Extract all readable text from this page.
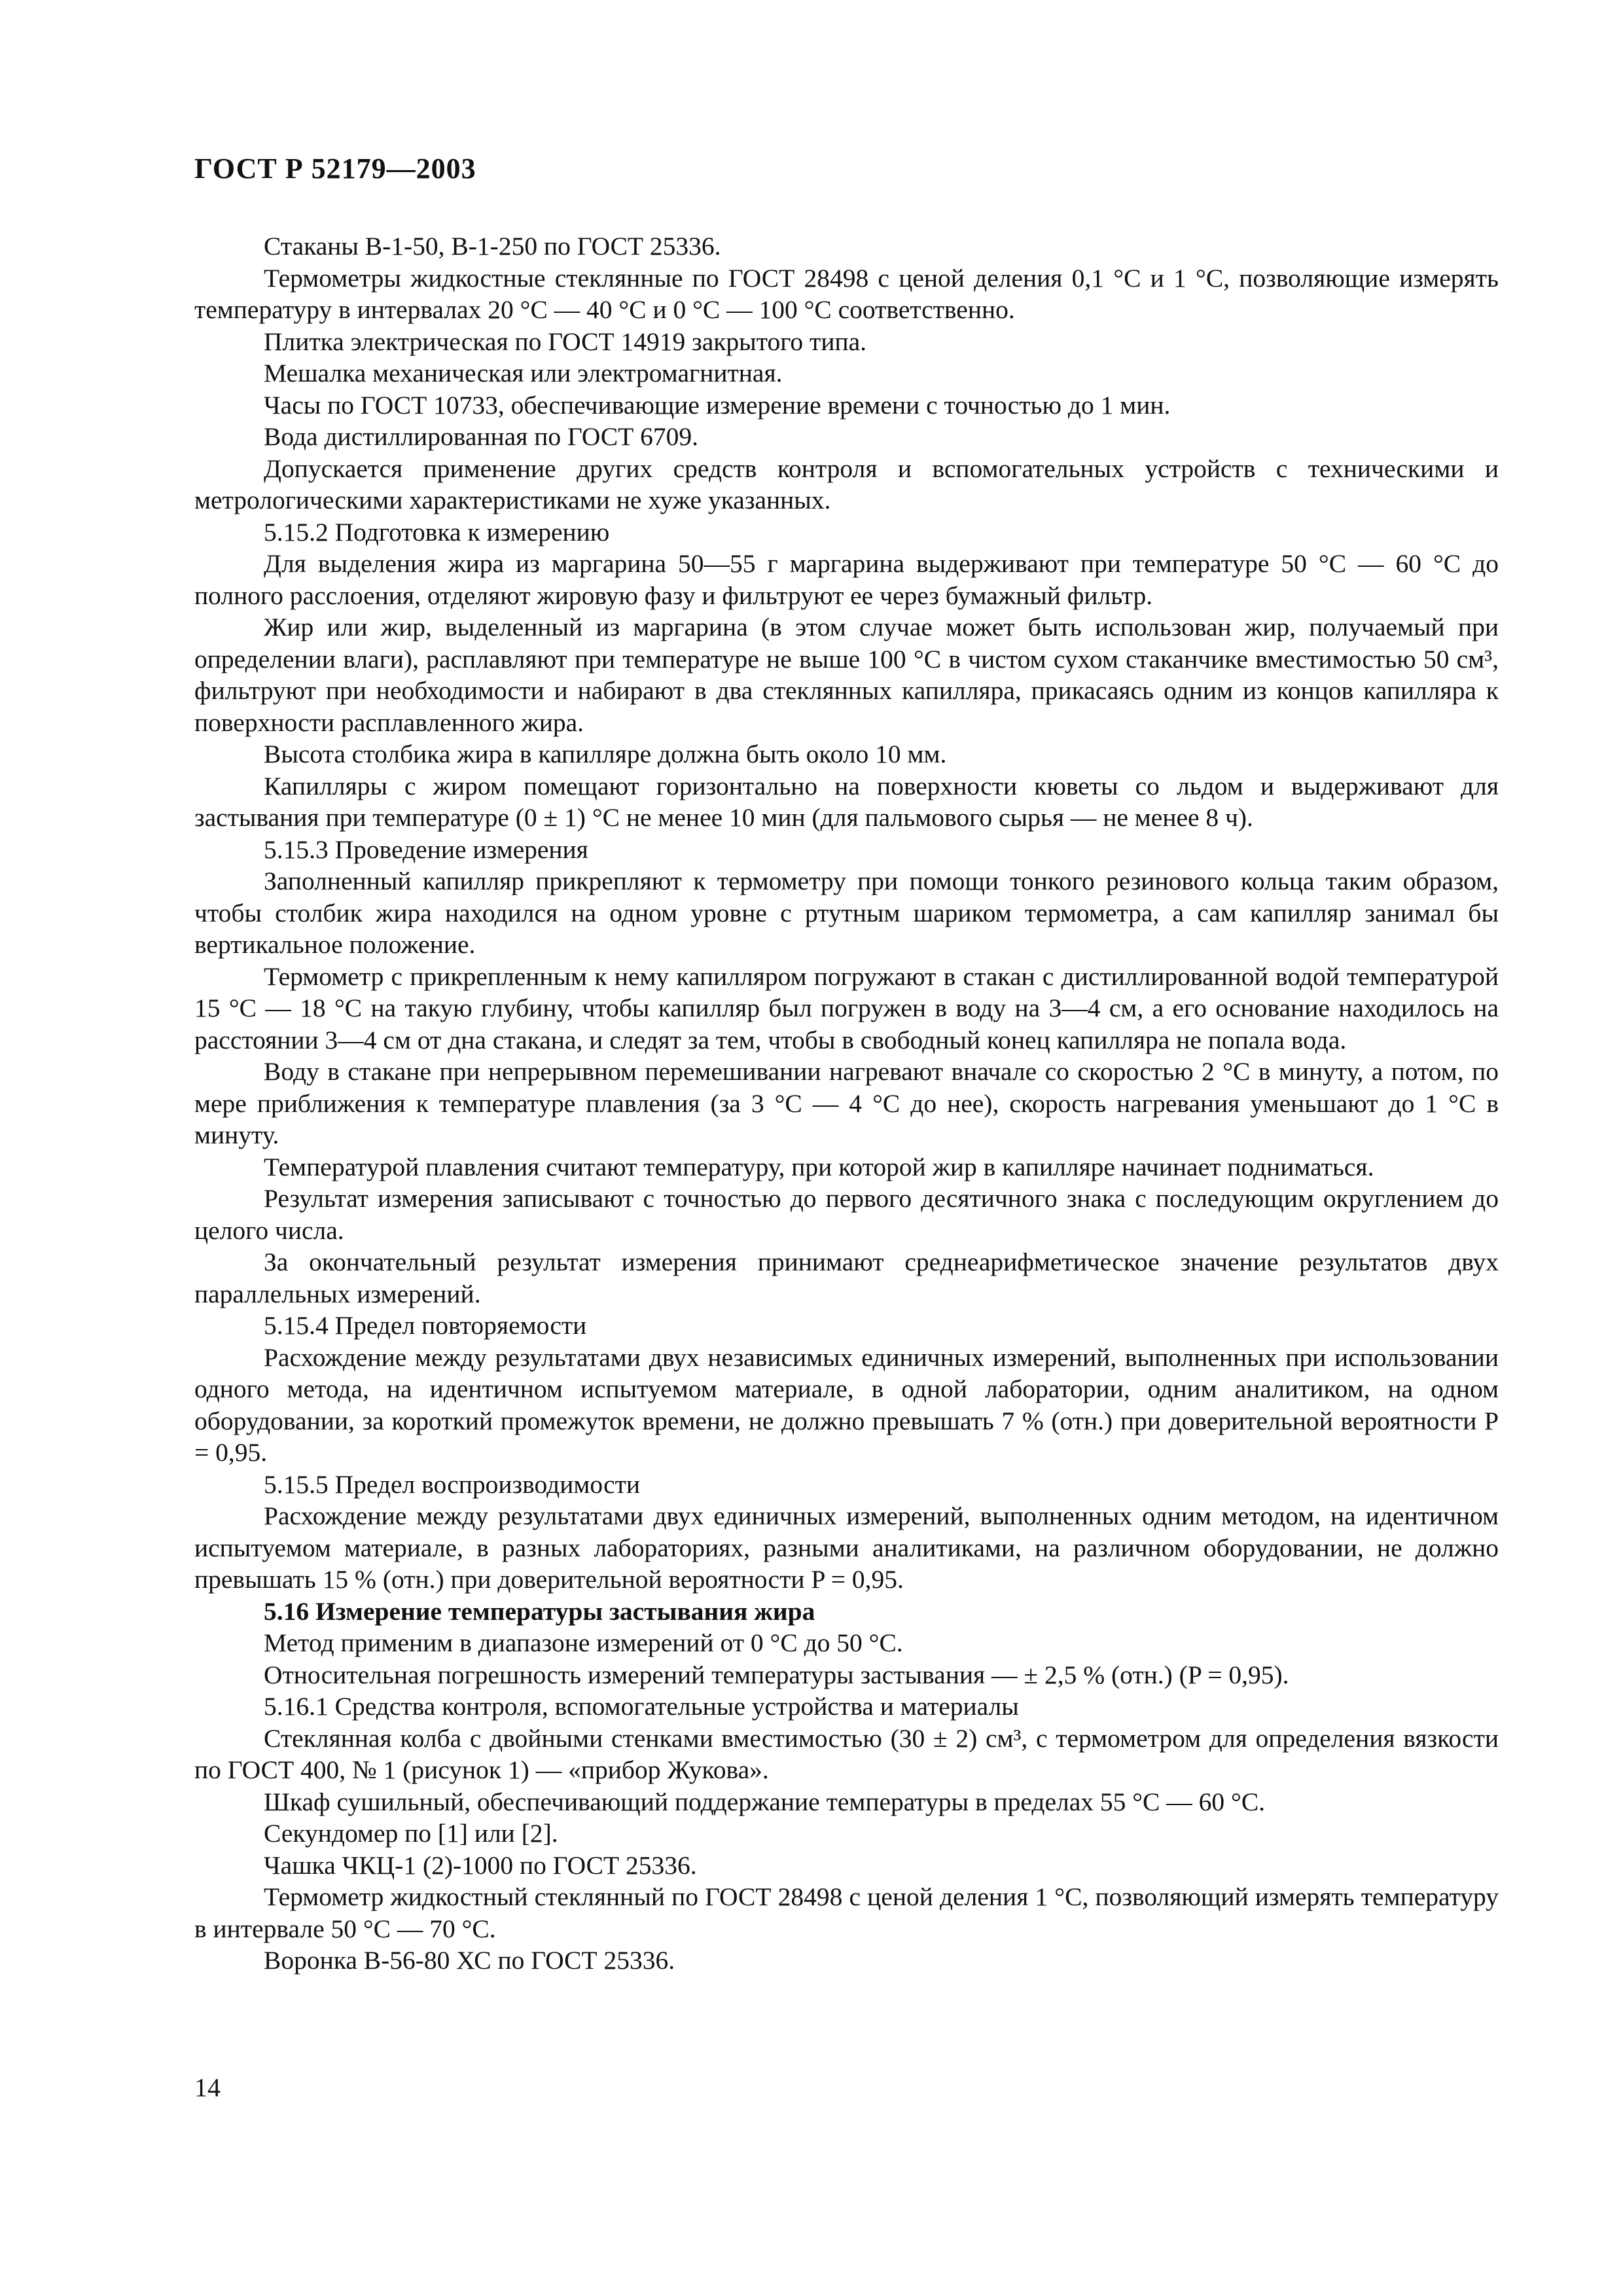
ГОСТ Р 52179—2003

Стаканы В-1-50, В-1-250 по ГОСТ 25336.

Термометры жидкостные стеклянные по ГОСТ 28498 с ценой деления 0,1 °С и 1 °С, позволяющие измерять температуру в интервалах 20 °С — 40 °С и 0 °С — 100 °С соответственно.

Плитка электрическая по ГОСТ 14919 закрытого типа.

Мешалка механическая или электромагнитная.

Часы по ГОСТ 10733, обеспечивающие измерение времени с точностью до 1 мин.

Вода дистиллированная по ГОСТ 6709.

Допускается применение других средств контроля и вспомогательных устройств с техническими и метрологическими характеристиками не хуже указанных.

5.15.2 Подготовка к измерению

Для выделения жира из маргарина 50—55 г маргарина выдерживают при температуре 50 °С — 60 °С до полного расслоения, отделяют жировую фазу и фильтруют ее через бумажный фильтр.

Жир или жир, выделенный из маргарина (в этом случае может быть использован жир, получаемый при определении влаги), расплавляют при температуре не выше 100 °С в чистом сухом стаканчике вместимостью 50 см³, фильтруют при необходимости и набирают в два стеклянных капилляра, прикасаясь одним из концов капилляра к поверхности расплавленного жира.

Высота столбика жира в капилляре должна быть около 10 мм.

Капилляры с жиром помещают горизонтально на поверхности кюветы со льдом и выдерживают для застывания при температуре (0 ± 1) °С не менее 10 мин (для пальмового сырья — не менее 8 ч).

5.15.3 Проведение измерения

Заполненный капилляр прикрепляют к термометру при помощи тонкого резинового кольца таким образом, чтобы столбик жира находился на одном уровне с ртутным шариком термометра, а сам капилляр занимал бы вертикальное положение.

Термометр с прикрепленным к нему капилляром погружают в стакан с дистиллированной водой температурой 15 °С — 18 °С на такую глубину, чтобы капилляр был погружен в воду на 3—4 см, а его основание находилось на расстоянии 3—4 см от дна стакана, и следят за тем, чтобы в свободный конец капилляра не попала вода.

Воду в стакане при непрерывном перемешивании нагревают вначале со скоростью 2 °С в минуту, а потом, по мере приближения к температуре плавления (за 3 °С — 4 °С до нее), скорость нагревания уменьшают до 1 °С в минуту.

Температурой плавления считают температуру, при которой жир в капилляре начинает подниматься.

Результат измерения записывают с точностью до первого десятичного знака с последующим округлением до целого числа.

За окончательный результат измерения принимают среднеарифметическое значение результатов двух параллельных измерений.

5.15.4 Предел повторяемости

Расхождение между результатами двух независимых единичных измерений, выполненных при использовании одного метода, на идентичном испытуемом материале, в одной лаборатории, одним аналитиком, на одном оборудовании, за короткий промежуток времени, не должно превышать 7 % (отн.) при доверительной вероятности P = 0,95.

5.15.5 Предел воспроизводимости

Расхождение между результатами двух единичных измерений, выполненных одним методом, на идентичном испытуемом материале, в разных лабораториях, разными аналитиками, на различном оборудовании, не должно превышать 15 % (отн.) при доверительной вероятности P = 0,95.

5.16 Измерение температуры застывания жира

Метод применим в диапазоне измерений от 0 °С до 50 °С.

Относительная погрешность измерений температуры застывания — ± 2,5 % (отн.) (P = 0,95).

5.16.1 Средства контроля, вспомогательные устройства и материалы

Стеклянная колба с двойными стенками вместимостью (30 ± 2) см³, с термометром для определения вязкости по ГОСТ 400, № 1 (рисунок 1) — «прибор Жукова».

Шкаф сушильный, обеспечивающий поддержание температуры в пределах 55 °С — 60 °С.

Секундомер по [1] или [2].

Чашка ЧКЦ-1 (2)-1000 по ГОСТ 25336.

Термометр жидкостный стеклянный по ГОСТ 28498 с ценой деления 1 °С, позволяющий измерять температуру в интервале 50 °С — 70 °С.

Воронка В-56-80 ХС по ГОСТ 25336.

14
